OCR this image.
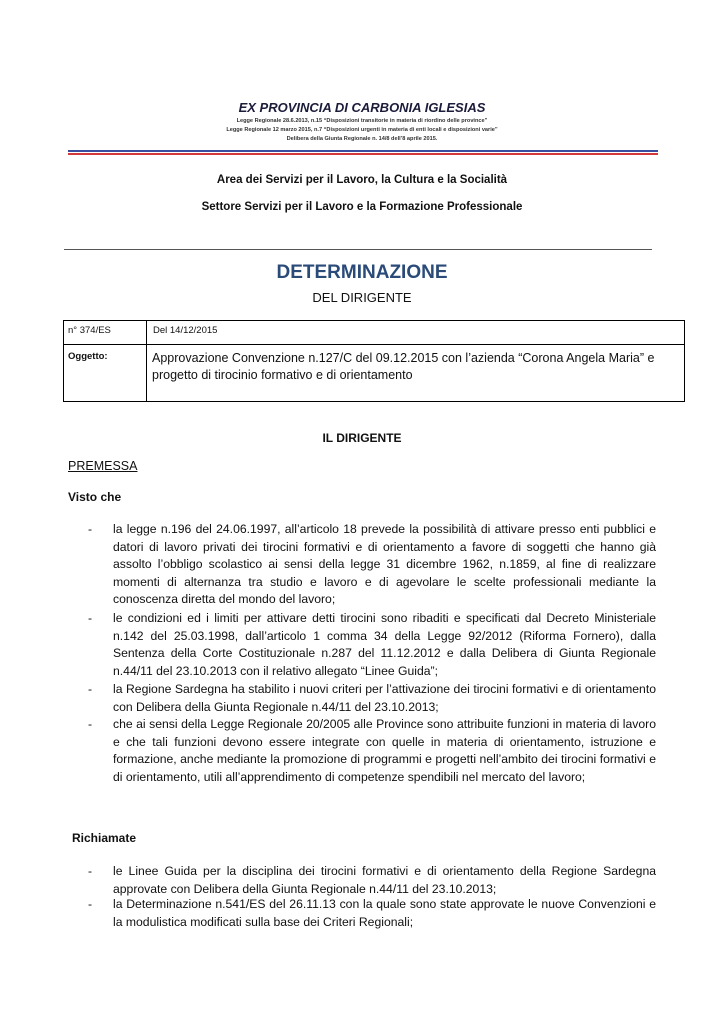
EX PROVINCIA DI CARBONIA IGLESIAS
Legge Regionale 28.6.2013, n.15 “Disposizioni transitorie in materia di riordino delle province”
Legge Regionale 12 marzo 2015, n.7 “Disposizioni urgenti in materia di enti locali e disposizioni varie”
Delibera della Giunta Regionale n. 14/8 dell’8 aprile 2015.
Area dei Servizi per il Lavoro, la Cultura e la Socialità
Settore Servizi per il Lavoro e la Formazione Professionale
DETERMINAZIONE
DEL DIRIGENTE
n° 374/ES	Del 14/12/2015
Oggetto:	Approvazione Convenzione n.127/C del 09.12.2015 con l’azienda “Corona Angela Maria” e progetto di tirocinio formativo e di orientamento
IL DIRIGENTE
PREMESSA
Visto che
- la legge n.196 del 24.06.1997, all’articolo 18 prevede la possibilità di attivare presso enti pubblici e datori di lavoro privati dei tirocini formativi e di orientamento a favore di soggetti che hanno già assolto l’obbligo scolastico ai sensi della legge 31 dicembre 1962, n.1859, al fine di realizzare momenti di alternanza tra studio e lavoro e di agevolare le scelte professionali mediante la conoscenza diretta del mondo del lavoro;
- le condizioni ed i limiti per attivare detti tirocini sono ribaditi e specificati dal Decreto Ministeriale n.142 del 25.03.1998, dall’articolo 1 comma 34 della Legge 92/2012 (Riforma Fornero), dalla Sentenza della Corte Costituzionale n.287 del 11.12.2012 e dalla Delibera di Giunta Regionale n.44/11 del 23.10.2013 con il relativo allegato “Linee Guida”;
- la Regione Sardegna ha stabilito i nuovi criteri per l’attivazione dei tirocini formativi e di orientamento con Delibera della Giunta Regionale n.44/11 del 23.10.2013;
- che ai sensi della Legge Regionale 20/2005 alle Province sono attribuite funzioni in materia di lavoro e che tali funzioni devono essere integrate con quelle in materia di orientamento, istruzione e formazione, anche mediante la promozione di programmi e progetti nell’ambito dei tirocini formativi e di orientamento, utili all’apprendimento di competenze spendibili nel mercato del lavoro;
Richiamate
- le Linee Guida per la disciplina dei tirocini formativi e di orientamento della Regione Sardegna approvate con Delibera della Giunta Regionale n.44/11 del 23.10.2013;
- la Determinazione n.541/ES del 26.11.13 con la quale sono state approvate le nuove Convenzioni e la modulistica modificati sulla base dei Criteri Regionali;
